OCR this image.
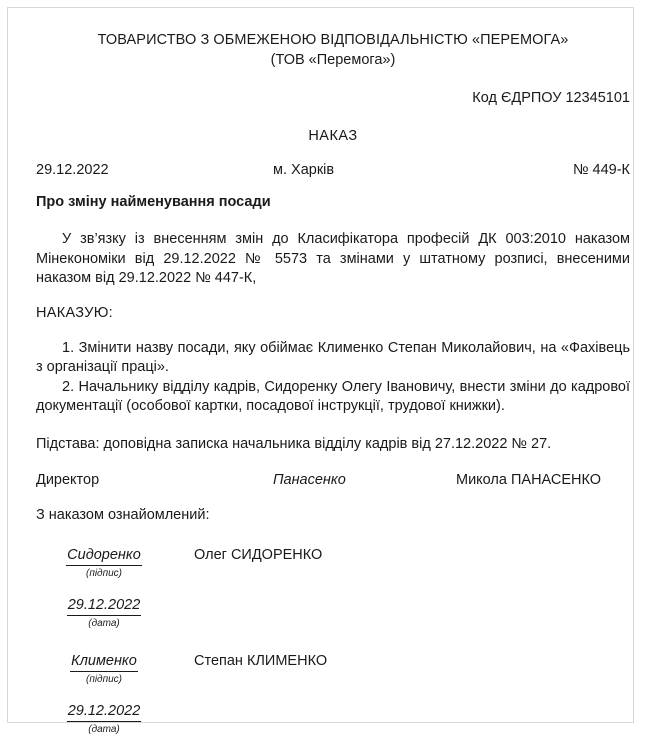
ТОВАРИСТВО З ОБМЕЖЕНОЮ ВІДПОВІДАЛЬНІСТЮ «ПЕРЕМОГА»
(ТОВ «Перемога»)
Код ЄДРПОУ 12345101
НАКАЗ
29.12.2022	м. Харків	№ 449-К
Про зміну найменування посади
У зв’язку із внесенням змін до Класифікатора професій ДК 003:2010 наказом Мінекономіки від 29.12.2022 № 5573 та змінами у штатному розписі, внесеними наказом від 29.12.2022 № 447-К,
НАКАЗУЮ:
1. Змінити назву посади, яку обіймає Клименко Степан Миколайович, на «Фахівець з організації праці».
2. Начальнику відділу кадрів, Сидоренку Олегу Івановичу, внести зміни до кадрової документації (особової картки, посадової інструкції, трудової книжки).
Підстава: доповідна записка начальника відділу кадрів від 27.12.2022 № 27.
Директор	Панасенко	Микола ПАНАСЕНКО
З наказом ознайомлений:
Сидоренко
(підпис)
Олег СИДОРЕНКО
29.12.2022
(дата)
Клименко
(підпис)
Степан КЛИМЕНКО
29.12.2022
(дата)
